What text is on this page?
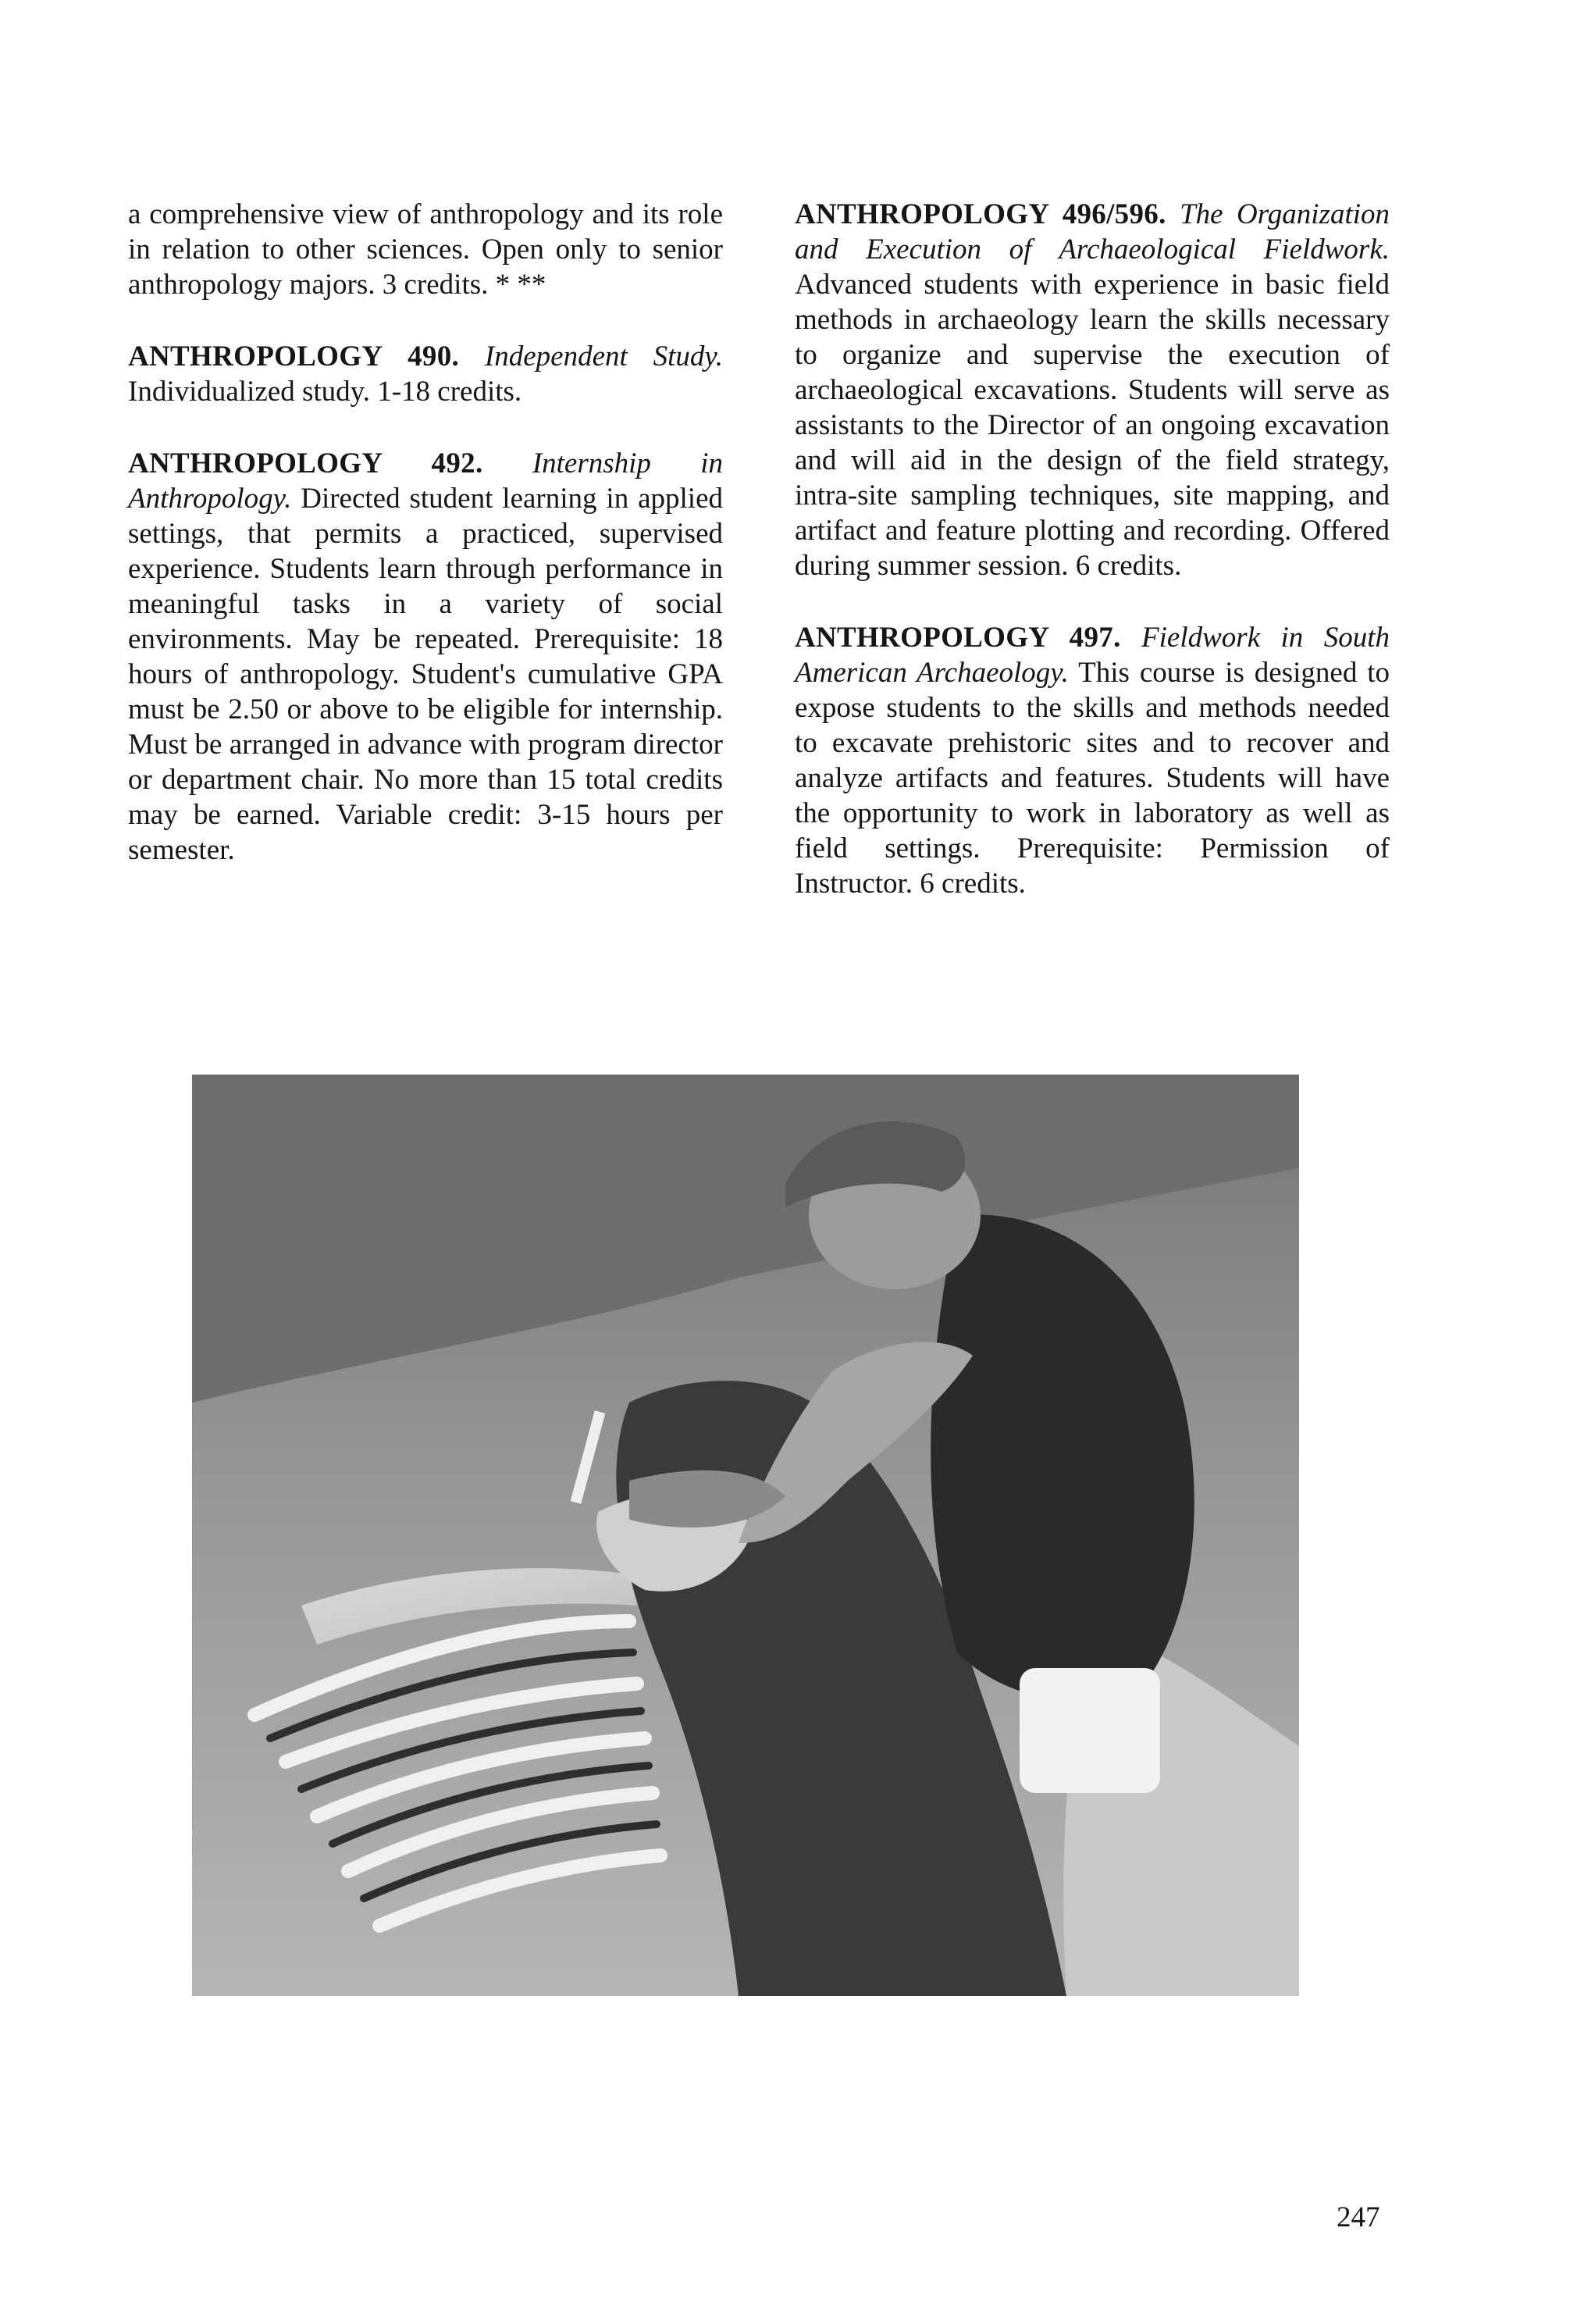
a comprehensive view of anthropology and its role in relation to other sciences. Open only to senior anthropology majors. 3 credits. * **

ANTHROPOLOGY 490. Independent Study. Individualized study. 1-18 credits.

ANTHROPOLOGY 492. Internship in Anthropology. Directed student learning in applied settings, that permits a practiced, supervised experience. Students learn through performance in meaningful tasks in a variety of social environments. May be repeated. Prerequisite: 18 hours of anthropology. Student's cumulative GPA must be 2.50 or above to be eligible for internship. Must be arranged in advance with program director or department chair. No more than 15 total credits may be earned. Variable credit: 3-15 hours per semester.

ANTHROPOLOGY 496/596. The Organization and Execution of Archaeological Fieldwork. Advanced students with experience in basic field methods in archaeology learn the skills necessary to organize and supervise the execution of archaeological excavations. Students will serve as assistants to the Director of an ongoing excavation and will aid in the design of the field strategy, intra-site sampling techniques, site mapping, and artifact and feature plotting and recording. Offered during summer session. 6 credits.

ANTHROPOLOGY 497. Fieldwork in South American Archaeology. This course is designed to expose students to the skills and methods needed to excavate prehistoric sites and to recover and analyze artifacts and features. Students will have the opportunity to work in laboratory as well as field settings. Prerequisite: Permission of Instructor. 6 credits.

247
